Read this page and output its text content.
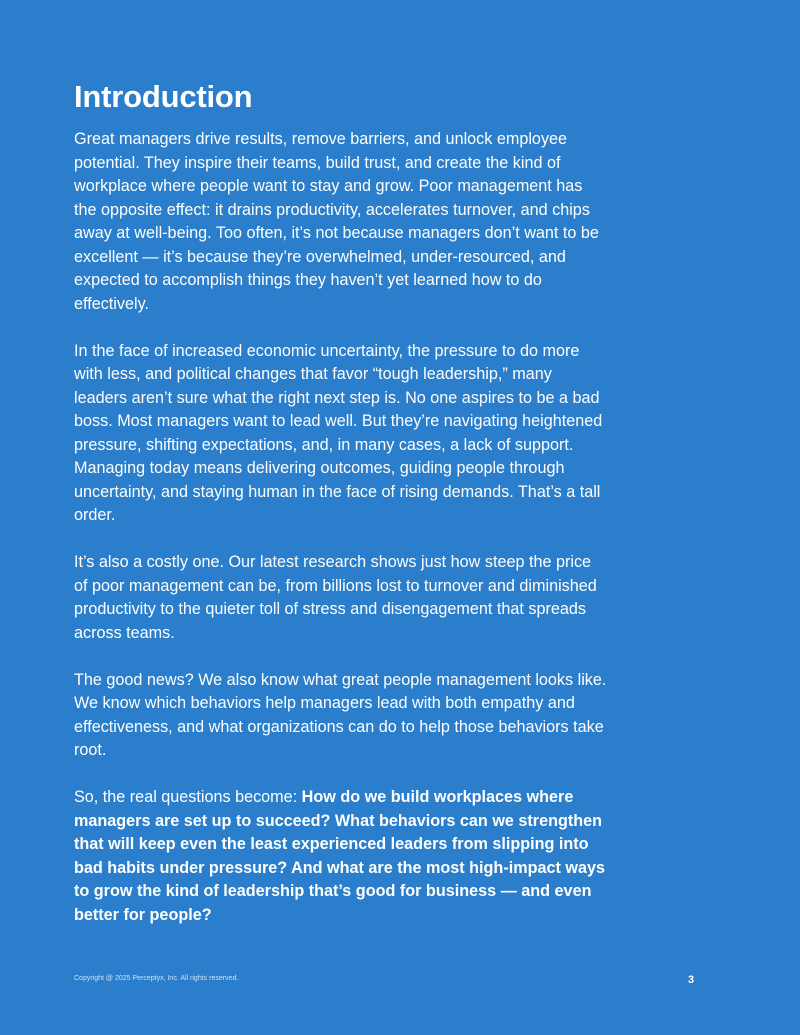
Introduction

Great managers drive results, remove barriers, and unlock employee potential. They inspire their teams, build trust, and create the kind of workplace where people want to stay and grow. Poor management has the opposite effect: it drains productivity, accelerates turnover, and chips away at well-being. Too often, it’s not because managers don’t want to be excellent — it’s because they’re overwhelmed, under-resourced, and expected to accomplish things they haven’t yet learned how to do effectively.

In the face of increased economic uncertainty, the pressure to do more with less, and political changes that favor “tough leadership,” many leaders aren’t sure what the right next step is. No one aspires to be a bad boss. Most managers want to lead well. But they’re navigating heightened pressure, shifting expectations, and, in many cases, a lack of support. Managing today means delivering outcomes, guiding people through uncertainty, and staying human in the face of rising demands. That’s a tall order.

It’s also a costly one. Our latest research shows just how steep the price of poor management can be, from billions lost to turnover and diminished productivity to the quieter toll of stress and disengagement that spreads across teams.

The good news? We also know what great people management looks like. We know which behaviors help managers lead with both empathy and effectiveness, and what organizations can do to help those behaviors take root.

So, the real questions become: How do we build workplaces where managers are set up to succeed? What behaviors can we strengthen that will keep even the least experienced leaders from slipping into bad habits under pressure? And what are the most high-impact ways to grow the kind of leadership that’s good for business — and even better for people?

Copyright @ 2025 Perceptyx, Inc. All rights reserved.	3
